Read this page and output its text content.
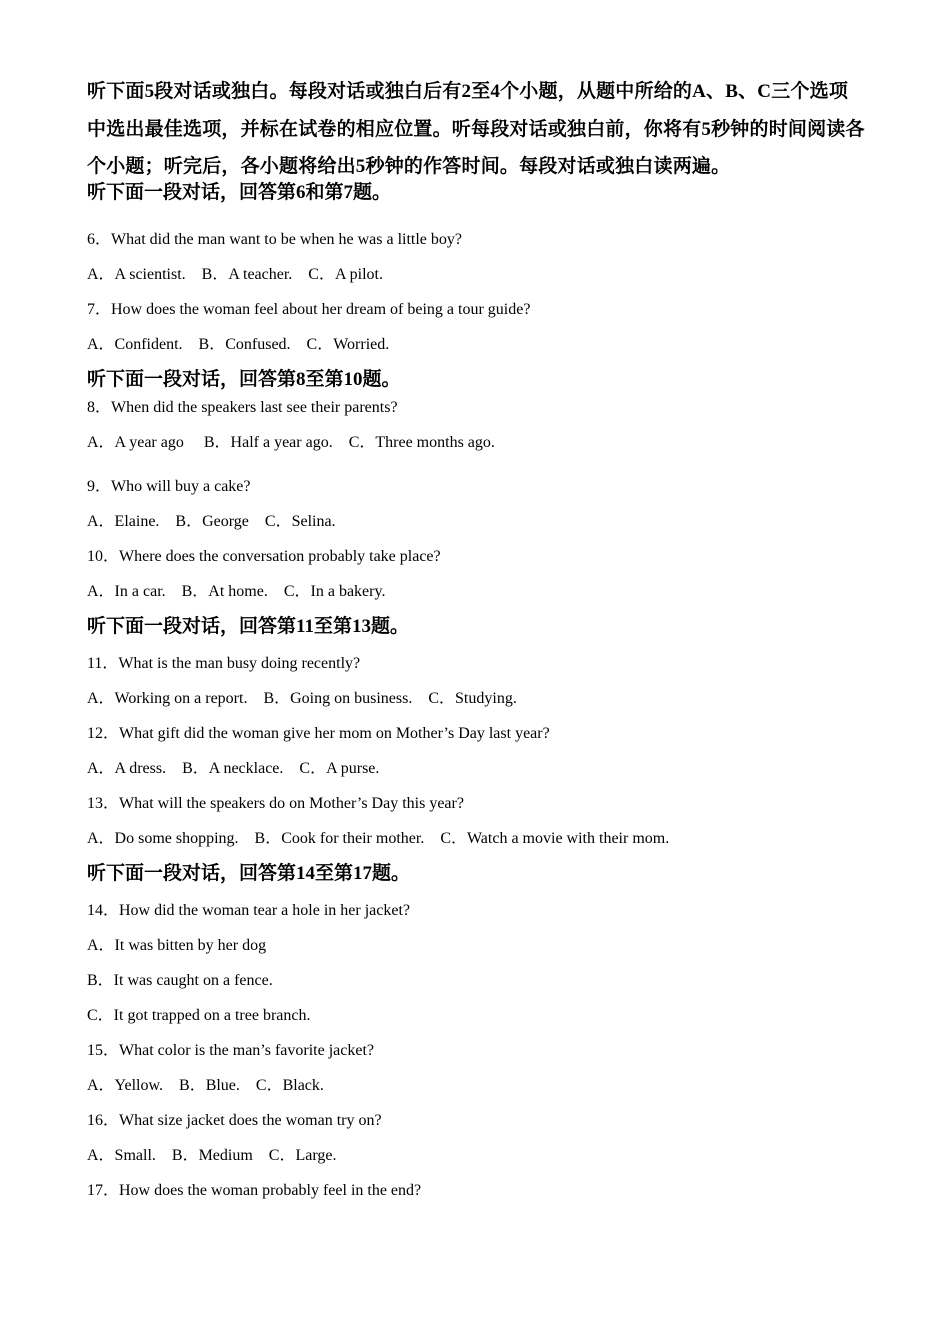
听下面5段对话或独白。每段对话或独白后有2至4个小题，从题中所给的A、B、C三个选项中选出最佳选项，并标在试卷的相应位置。听每段对话或独白前，你将有5秒钟的时间阅读各个小题；听完后，各小题将给出5秒钟的作答时间。每段对话或独白读两遍。
听下面一段对话，回答第6和第7题。
6．What did the man want to be when he was a little boy?
A．A scientist.    B．A teacher.    C．A pilot.
7．How does the woman feel about her dream of being a tour guide?
A．Confident.    B．Confused.    C．Worried.
听下面一段对话，回答第8至第10题。
8．When did the speakers last see their parents?
A．A year ago     B．Half a year ago.    C．Three months ago.
9．Who will buy a cake?
A．Elaine.    B．George    C．Selina.
10．Where does the conversation probably take place?
A．In a car.    B．At home.    C．In a bakery.
听下面一段对话，回答第11至第13题。
11．What is the man busy doing recently?
A．Working on a report.    B．Going on business.    C．Studying.
12．What gift did the woman give her mom on Mother’s Day last year?
A．A dress.    B．A necklace.    C．A purse.
13．What will the speakers do on Mother’s Day this year?
A．Do some shopping.    B．Cook for their mother.    C．Watch a movie with their mom.
听下面一段对话，回答第14至第17题。
14．How did the woman tear a hole in her jacket?
A．It was bitten by her dog
B．It was caught on a fence.
C．It got trapped on a tree branch.
15．What color is the man’s favorite jacket?
A．Yellow.    B．Blue.    C．Black.
16．What size jacket does the woman try on?
A．Small.    B．Medium    C．Large.
17．How does the woman probably feel in the end?
